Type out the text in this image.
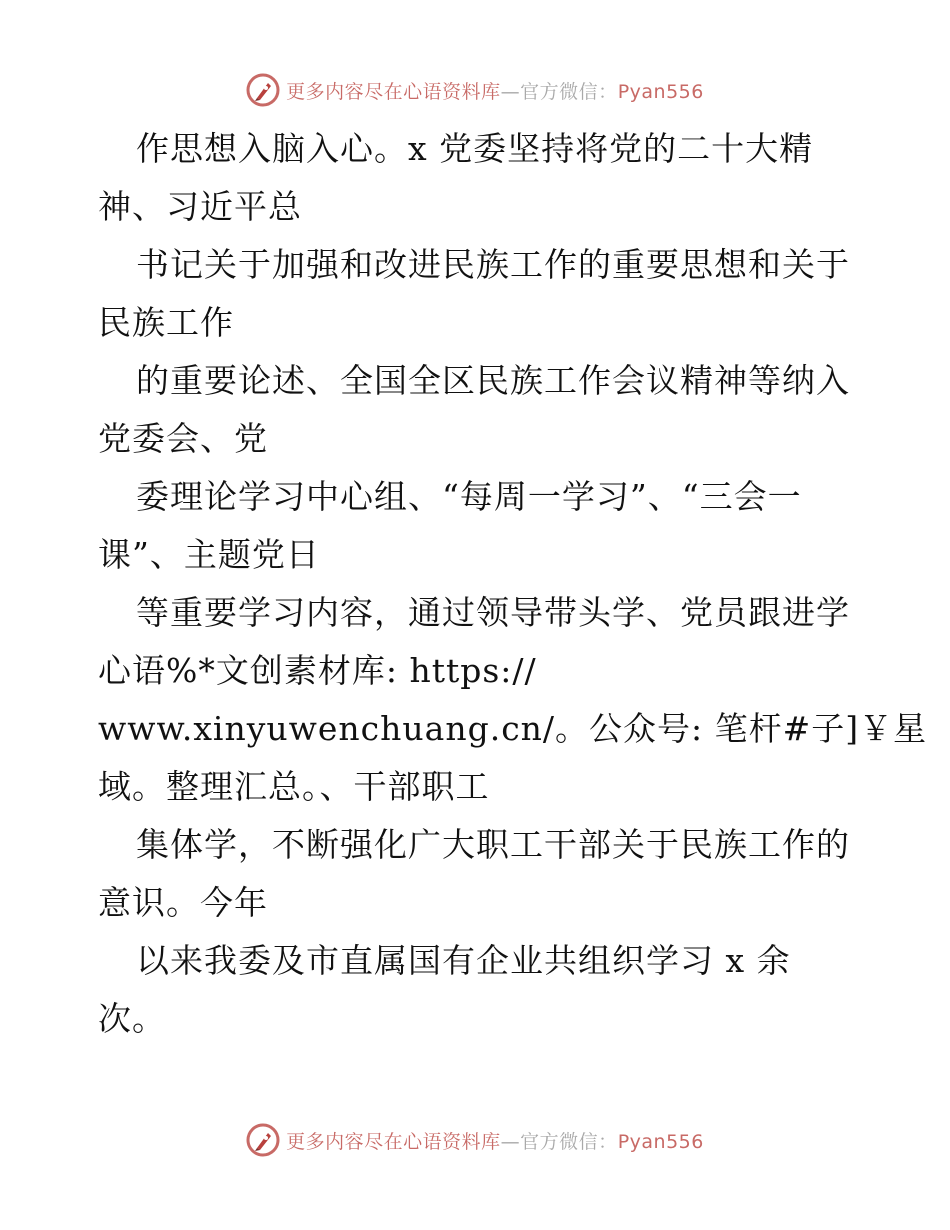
更多内容尽在心语资料库—官方微信：Pyan556
作思想入脑入心。x 党委坚持将党的二十大精
神、习近平总
书记关于加强和改进民族工作的重要思想和关于
民族工作
的重要论述、全国全区民族工作会议精神等纳入
党委会、党
委理论学习中心组、“每周一学习”、“三会一
课”、主题党日
等重要学习内容，通过领导带头学、党员跟进学
心语%*文创素材库: https://
www.xinyuwenchuang.cn/。公众号: 笔杆#子]￥星
域。整理汇总。、干部职工
集体学，不断强化广大职工干部关于民族工作的
意识。今年
以来我委及市直属国有企业共组织学习 x 余
次。
更多内容尽在心语资料库—官方微信：Pyan556
